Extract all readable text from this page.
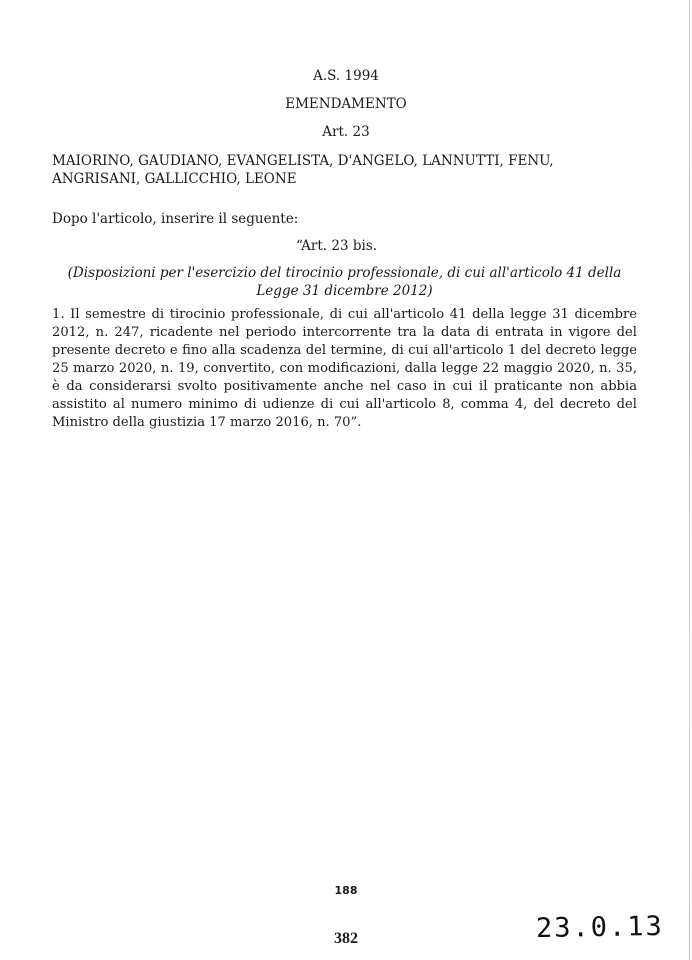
A.S. 1994
EMENDAMENTO
Art. 23
MAIORINO, GAUDIANO, EVANGELISTA, D'ANGELO, LANNUTTI, FENU, ANGRISANI, GALLICCHIO, LEONE
Dopo l'articolo, inserire il seguente:
“Art. 23 bis.
(Disposizioni per l'esercizio del tirocinio professionale, di cui all'articolo 41 della Legge 31 dicembre 2012)
1. Il semestre di tirocinio professionale, di cui all'articolo 41 della legge 31 dicembre 2012, n. 247, ricadente nel periodo intercorrente tra la data di entrata in vigore del presente decreto e fino alla scadenza del termine, di cui all'articolo 1 del decreto legge 25 marzo 2020, n. 19, convertito, con modificazioni, dalla legge 22 maggio 2020, n. 35, è da considerarsi svolto positivamente anche nel caso in cui il praticante non abbia assistito al numero minimo di udienze di cui all'articolo 8, comma 4, del decreto del Ministro della giustizia 17 marzo 2016, n. 70”.
188
382	23.0.13
